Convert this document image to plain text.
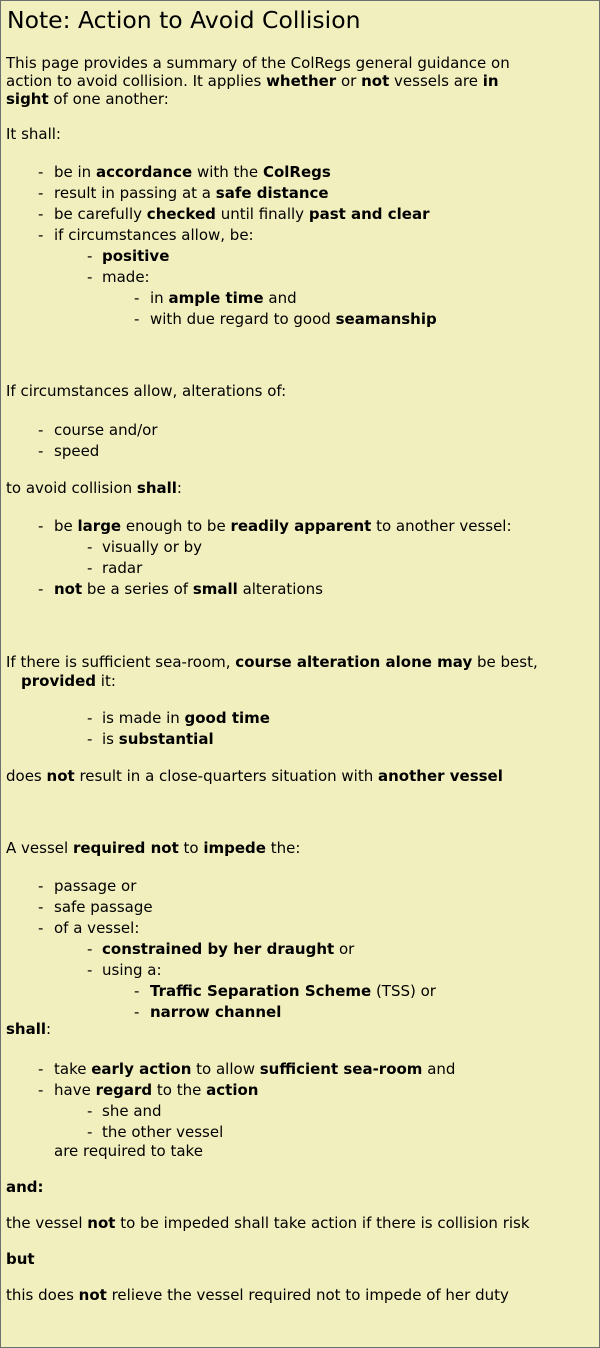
Note: Action to Avoid Collision
This page provides a summary of the ColRegs general guidance on
action to avoid collision. It applies whether or not vessels are in
sight of one another:
It shall:
- be in accordance with the ColRegs
- result in passing at a safe distance
- be carefully checked until finally past and clear
- if circumstances allow, be:
- positive
- made:
- in ample time and
- with due regard to good seamanship
If circumstances allow, alterations of:
- course and/or
- speed
to avoid collision shall:
- be large enough to be readily apparent to another vessel:
- visually or by
- radar
- not be a series of small alterations
If there is sufficient sea-room, course alteration alone may be best,
provided it:
- is made in good time
- is substantial
does not result in a close-quarters situation with another vessel
A vessel required not to impede the:
- passage or
- safe passage
- of a vessel:
- constrained by her draught or
- using a:
- Traffic Separation Scheme (TSS) or
- narrow channel
shall:
- take early action to allow sufficient sea-room and
- have regard to the action
- she and
- the other vessel
are required to take
and:
the vessel not to be impeded shall take action if there is collision risk
but
this does not relieve the vessel required not to impede of her duty
